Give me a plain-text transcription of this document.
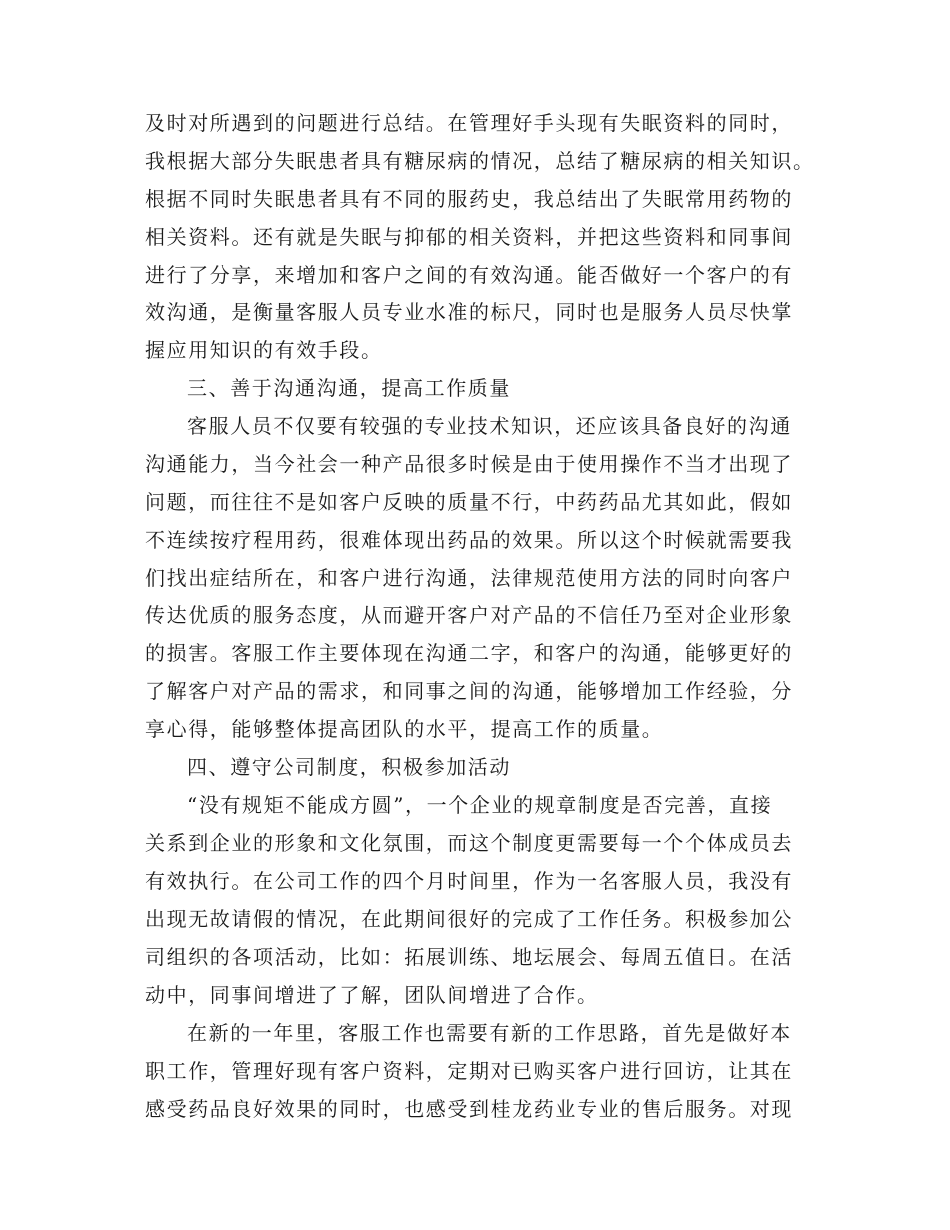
及时对所遇到的问题进行总结。在管理好手头现有失眠资料的同时，
我根据大部分失眠患者具有糖尿病的情况，总结了糖尿病的相关知识。
根据不同时失眠患者具有不同的服药史，我总结出了失眠常用药物的
相关资料。还有就是失眠与抑郁的相关资料，并把这些资料和同事间
进行了分享，来增加和客户之间的有效沟通。能否做好一个客户的有
效沟通，是衡量客服人员专业水准的标尺，同时也是服务人员尽快掌
握应用知识的有效手段。
三、善于沟通沟通，提高工作质量
客服人员不仅要有较强的专业技术知识，还应该具备良好的沟通
沟通能力，当今社会一种产品很多时候是由于使用操作不当才出现了
问题，而往往不是如客户反映的质量不行，中药药品尤其如此，假如
不连续按疗程用药，很难体现出药品的效果。所以这个时候就需要我
们找出症结所在，和客户进行沟通，法律规范使用方法的同时向客户
传达优质的服务态度，从而避开客户对产品的不信任乃至对企业形象
的损害。客服工作主要体现在沟通二字，和客户的沟通，能够更好的
了解客户对产品的需求，和同事之间的沟通，能够增加工作经验，分
享心得，能够整体提高团队的水平，提高工作的质量。
四、遵守公司制度，积极参加活动
“没有规矩不能成方圆”，一个企业的规章制度是否完善，直接
关系到企业的形象和文化氛围，而这个制度更需要每一个个体成员去
有效执行。在公司工作的四个月时间里，作为一名客服人员，我没有
出现无故请假的情况，在此期间很好的完成了工作任务。积极参加公
司组织的各项活动，比如：拓展训练、地坛展会、每周五值日。在活
动中，同事间增进了了解，团队间增进了合作。
在新的一年里，客服工作也需要有新的工作思路，首先是做好本
职工作，管理好现有客户资料，定期对已购买客户进行回访，让其在
感受药品良好效果的同时，也感受到桂龙药业专业的售后服务。对现
